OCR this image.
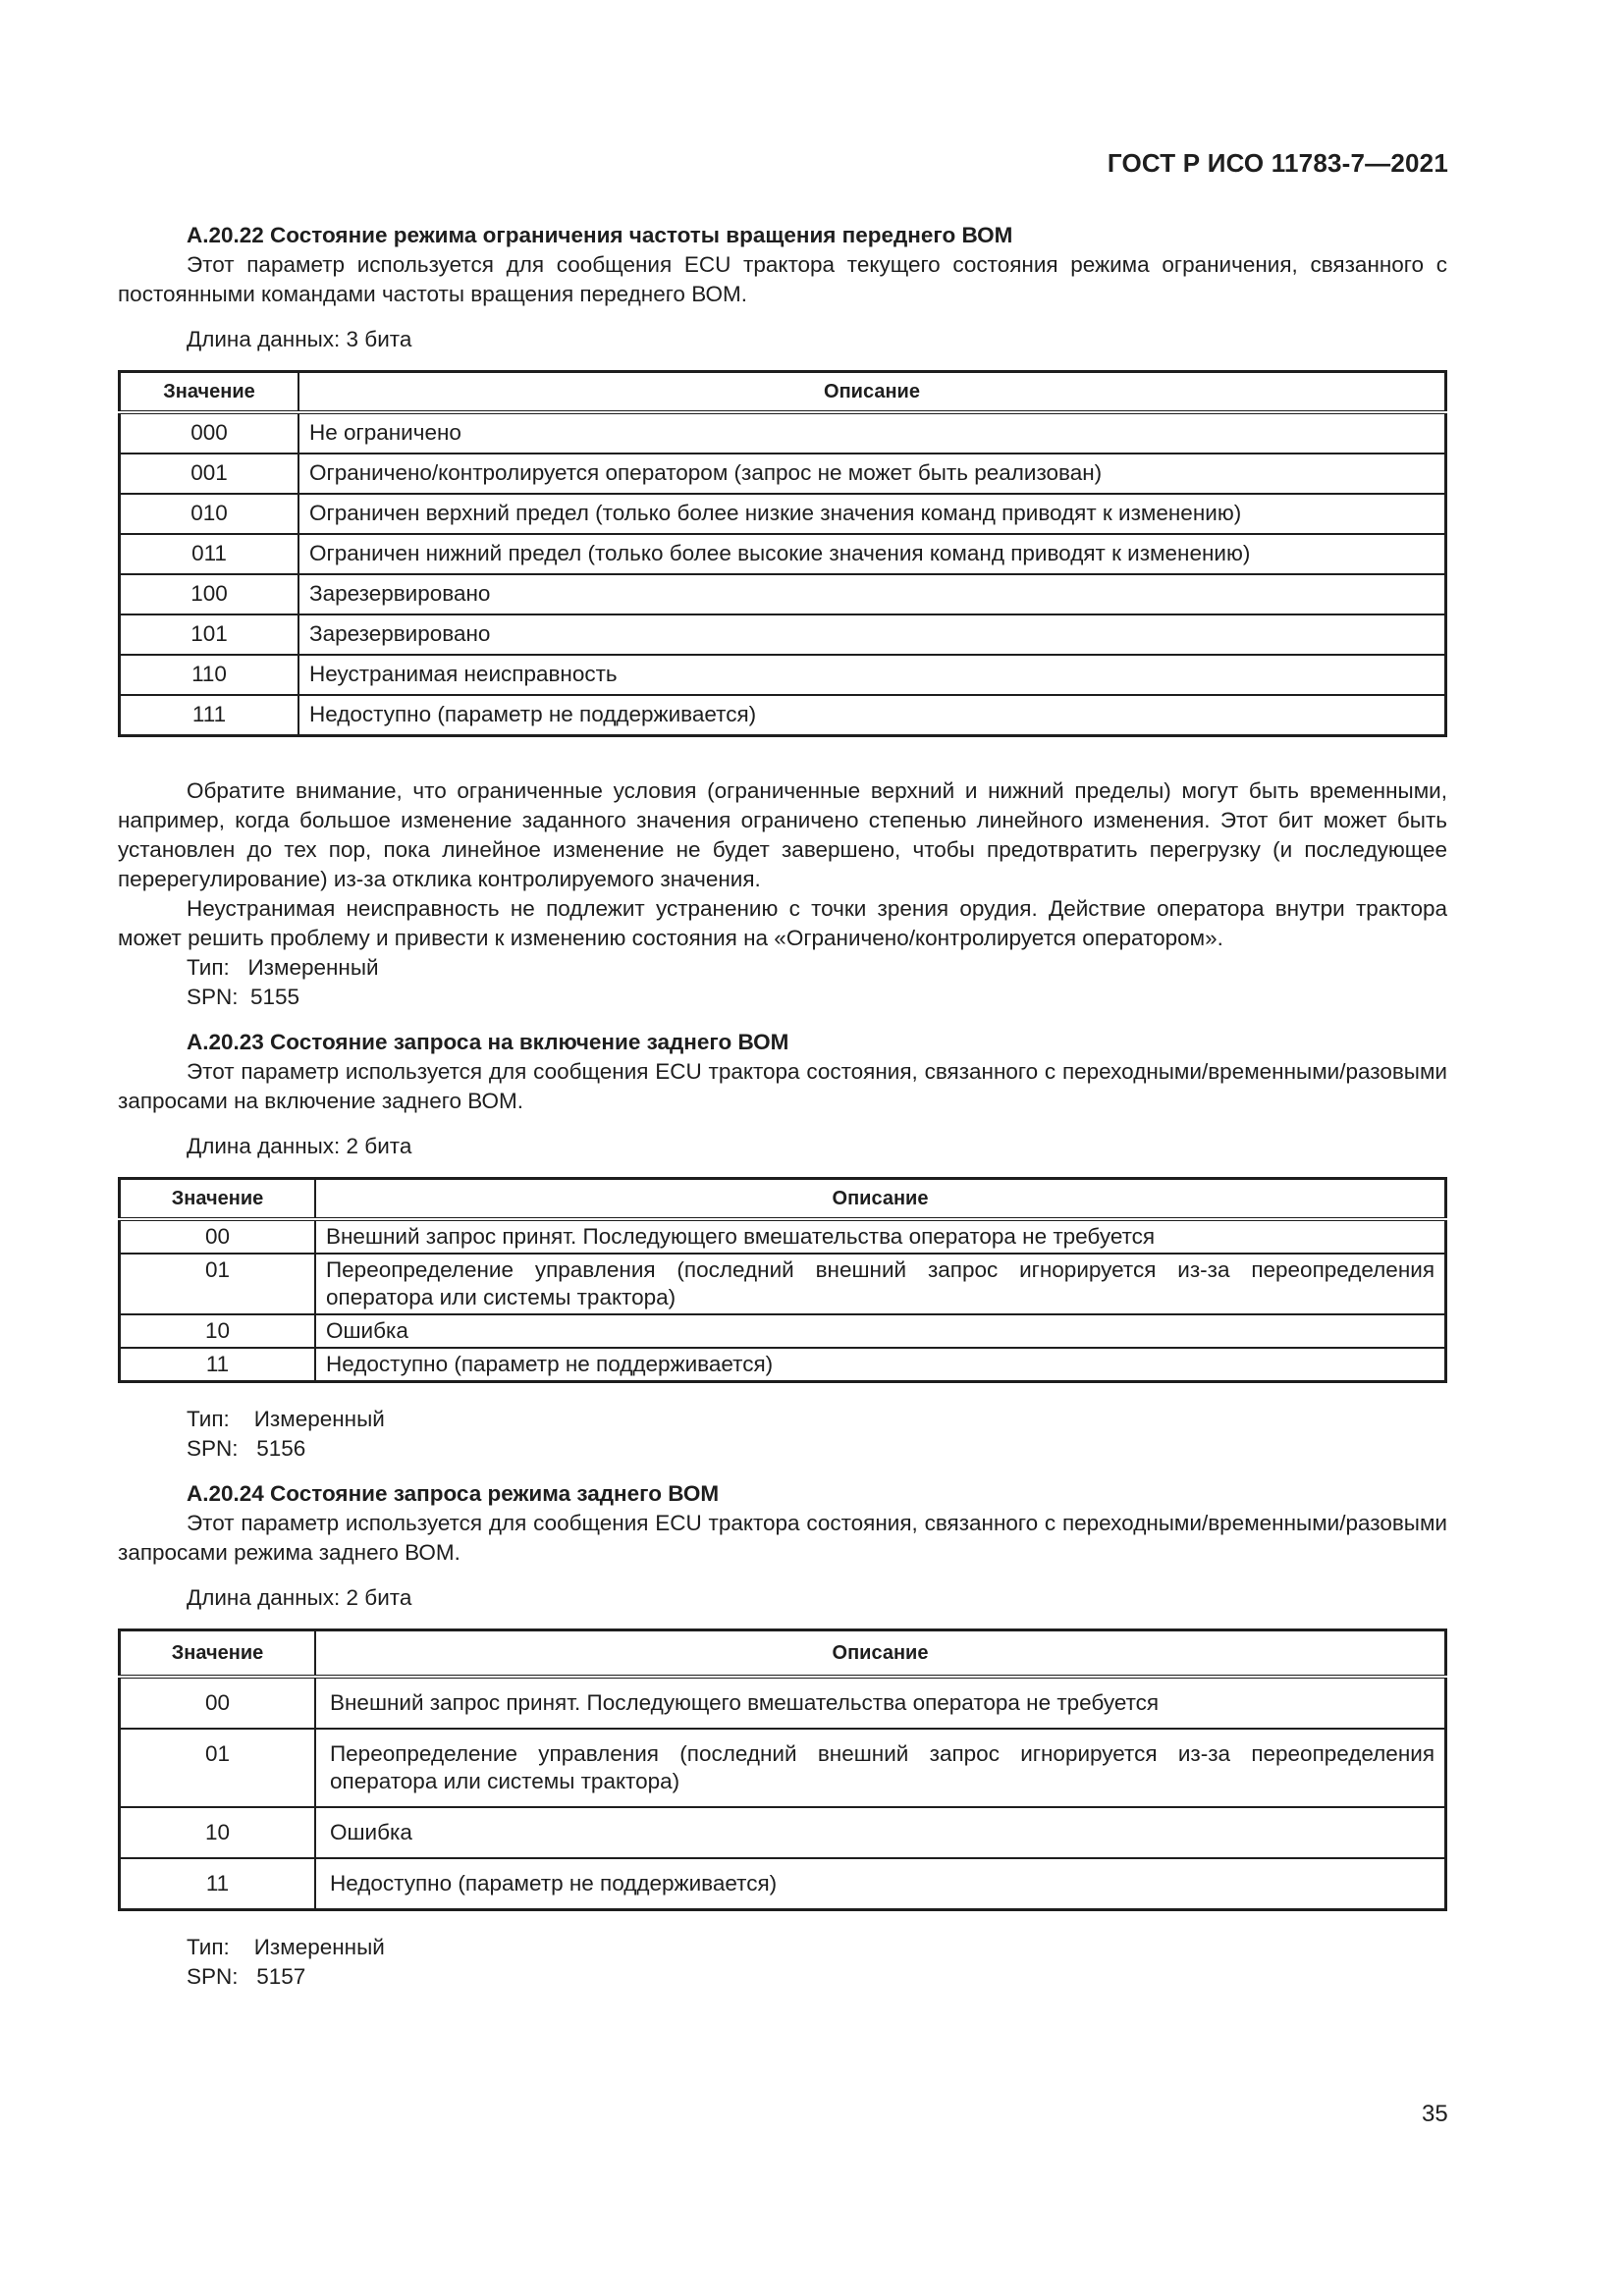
ГОСТ Р ИСО 11783-7—2021

А.20.22 Состояние режима ограничения частоты вращения переднего ВОМ

Этот параметр используется для сообщения ECU трактора текущего состояния режима ограничения, связанного с постоянными командами частоты вращения переднего ВОМ.

Длина данных: 3 бита

Значение	Описание
000	Не ограничено
001	Ограничено/контролируется оператором (запрос не может быть реализован)
010	Ограничен верхний предел (только более низкие значения команд приводят к изменению)
011	Ограничен нижний предел (только более высокие значения команд приводят к изменению)
100	Зарезервировано
101	Зарезервировано
110	Неустранимая неисправность
111	Недоступно (параметр не поддерживается)

Обратите внимание, что ограниченные условия (ограниченные верхний и нижний пределы) могут быть временными, например, когда большое изменение заданного значения ограничено степенью линейного изменения. Этот бит может быть установлен до тех пор, пока линейное изменение не будет завершено, чтобы предотвратить перегрузку (и последующее перерегулирование) из-за отклика контролируемого значения.

Неустранимая неисправность не подлежит устранению с точки зрения орудия. Действие оператора внутри трактора может решить проблему и привести к изменению состояния на «Ограничено/контролируется оператором».

Тип:   Измеренный

SPN:  5155

А.20.23 Состояние запроса на включение заднего ВОМ

Этот параметр используется для сообщения ECU трактора состояния, связанного с переходными/временными/разовыми запросами на включение заднего ВОМ.

Длина данных: 2 бита

Значение	Описание
00	Внешний запрос принят. Последующего вмешательства оператора не требуется
01	Переопределение управления (последний внешний запрос игнорируется из-за переопределения оператора или системы трактора)
10	Ошибка
11	Недоступно (параметр не поддерживается)

Тип:    Измеренный

SPN:   5156

А.20.24 Состояние запроса режима заднего ВОМ

Этот параметр используется для сообщения ECU трактора состояния, связанного с переходными/временными/разовыми запросами режима заднего ВОМ.

Длина данных: 2 бита

Значение	Описание
00	Внешний запрос принят. Последующего вмешательства оператора не требуется
01	Переопределение управления (последний внешний запрос игнорируется из-за переопределения оператора или системы трактора)
10	Ошибка
11	Недоступно (параметр не поддерживается)

Тип:    Измеренный

SPN:   5157

35
